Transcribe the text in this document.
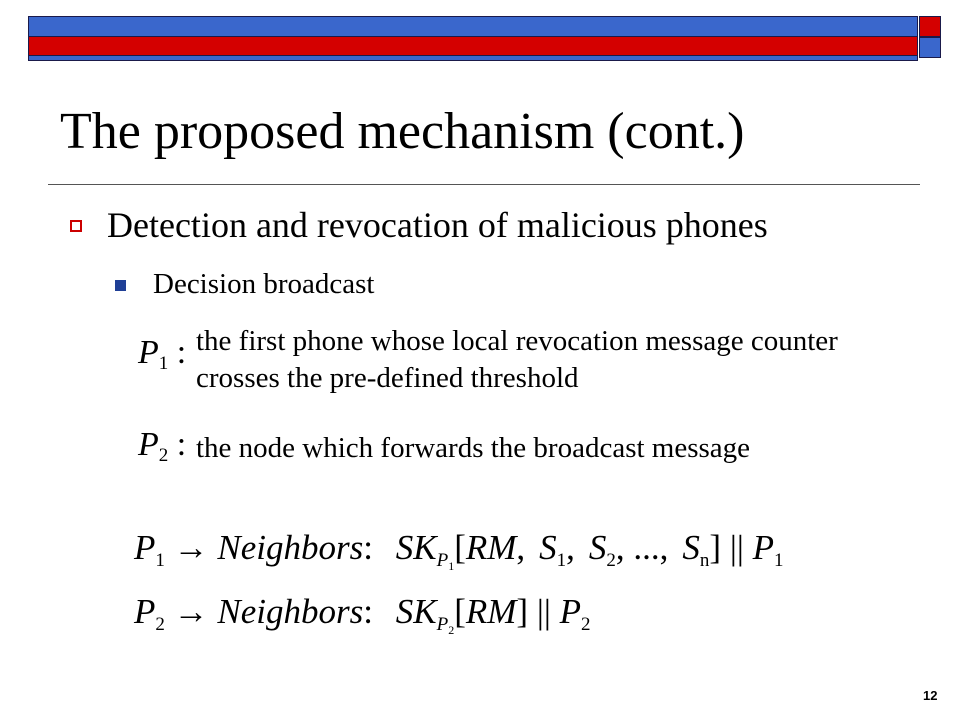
The proposed mechanism (cont.)
Detection and revocation of malicious phones
Decision broadcast
$P_1$ : the first phone whose local revocation message counter crosses the pre-defined threshold
$P_2$ : the node which forwards the broadcast message
$P_1$ → Neighbors: $SK_{P_1}[RM$, $S_1$, $S_2$, ..., $S_n$] || $P_1$
$P_2$ → Neighbors: $SK_{P_2}[RM]$ || $P_2$
12
